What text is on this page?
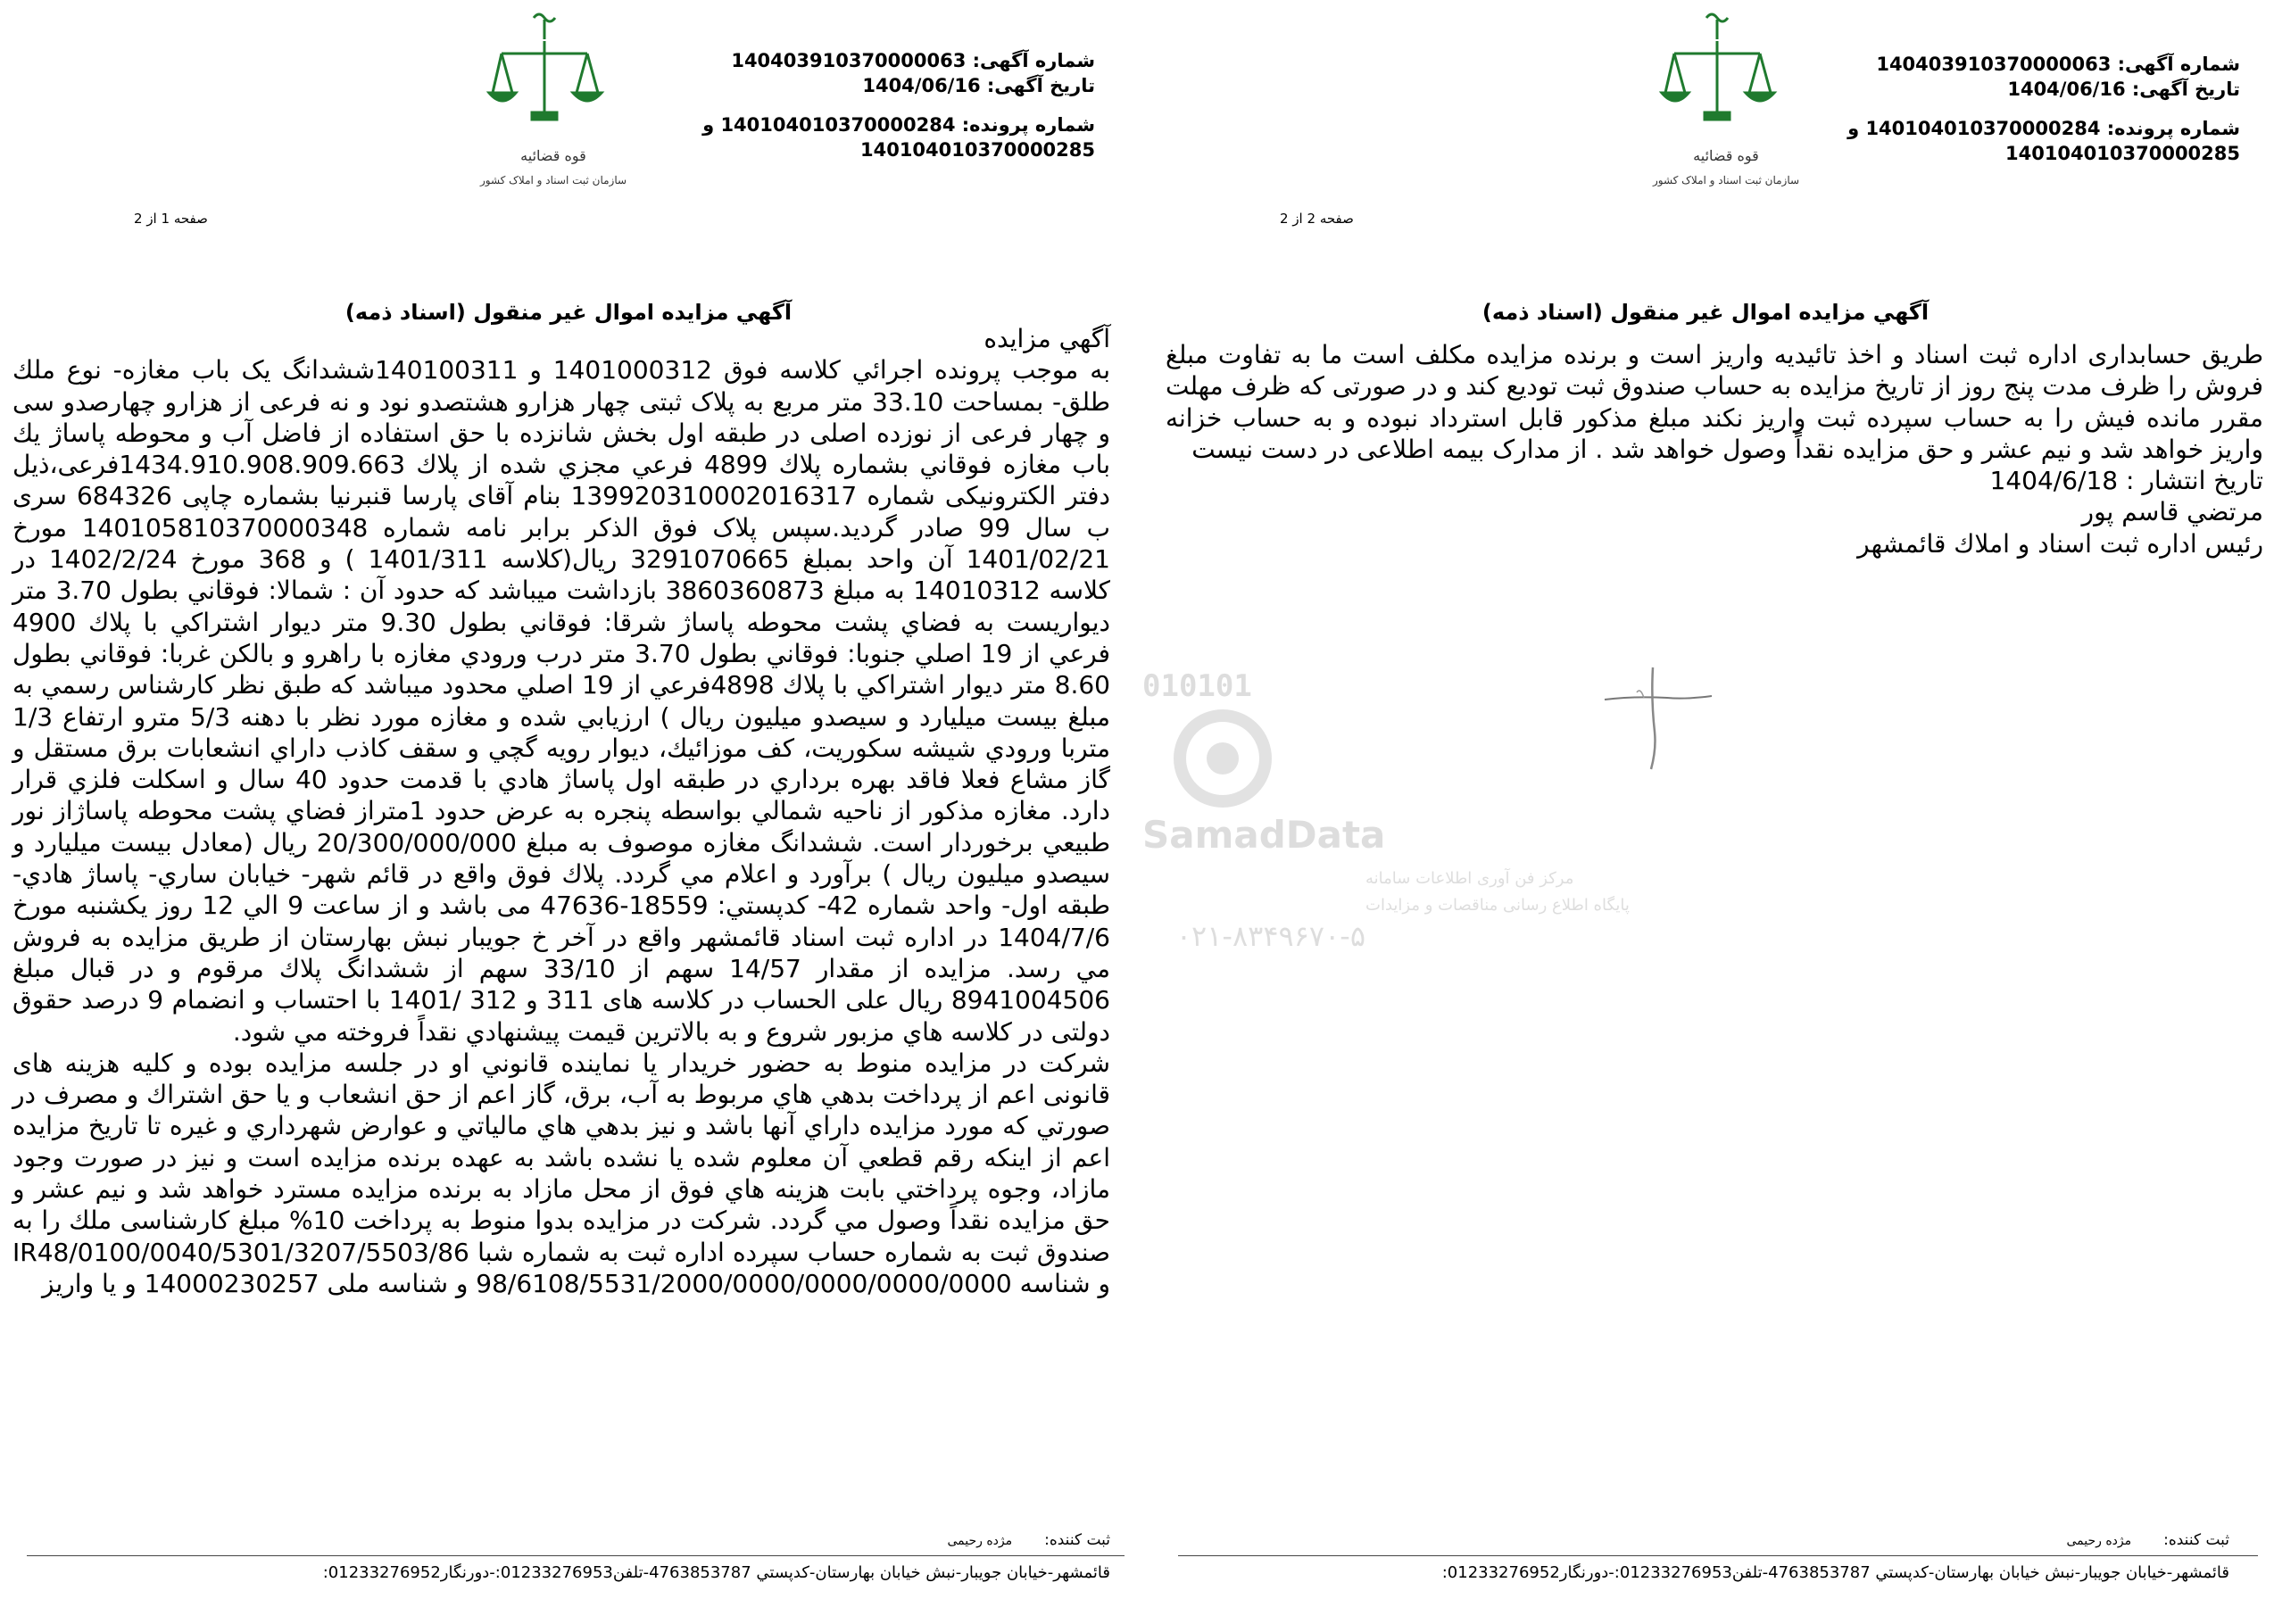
قوه قضائیه
سازمان ثبت اسناد و املاک کشور
شماره آگهی: 140403910370000063
تاریخ آگهی: 1404/06/16
شماره پرونده: 140104010370000284 و
140104010370000285
صفحه 1 از 2
آگهي مزايده اموال غير منقول (اسناد ذمه)

آگهي مزايده

به موجب پرونده اجرائي كلاسه فوق 1401000312 و 140100311ششدانگ یک باب مغازه- نوع ملك طلق- بمساحت 33.10 متر مربع به پلاک ثبتی چهار هزارو هشتصدو نود و نه فرعی از هزارو چهارصدو سی و چهار فرعی از نوزده اصلی در طبقه اول بخش شانزده با حق استفاده از فاضل آب و محوطه پاساژ يك باب مغازه فوقاني بشماره پلاك 4899 فرعي مجزي شده از پلاك 1434.910.908.909.663فرعی،ذیل دفتر الکترونیکی شماره 139920310002016317 بنام آقای پارسا قنبرنیا بشماره چاپی 684326 سری ب سال 99 صادر گردید.سپس پلاک فوق الذکر برابر نامه شماره 140105810370000348 مورخ 1401/02/21 آن واحد بمبلغ 3291070665 ريال(كلاسه 1401/311 ) و 368 مورخ 1402/2/24 در كلاسه 14010312 به مبلغ 3860360873 بازداشت ميباشد كه حدود آن : شمالا: فوقاني بطول 3.70 متر ديواريست به فضاي پشت محوطه پاساژ شرقا: فوقاني بطول 9.30 متر ديوار اشتراكي با پلاك 4900 فرعي از 19 اصلي جنوبا: فوقاني بطول 3.70 متر درب ورودي مغازه با راهرو و بالكن غربا: فوقاني بطول 8.60 متر ديوار اشتراكي با پلاك 4898فرعي از 19 اصلي محدود ميباشد كه طبق نظر كارشناس رسمي به مبلغ بيست ميليارد و سيصدو ميليون ريال ) ارزيابي شده و مغازه مورد نظر با دهنه 5/3 مترو ارتفاع 1/3 متربا ورودي شيشه سكوريت، كف موزائيك، ديوار رويه گچي و سقف كاذب داراي انشعابات برق مستقل و گاز مشاع فعلا فاقد بهره برداري در طبقه اول پاساژ هادي با قدمت حدود 40 سال و اسكلت فلزي قرار دارد. مغازه مذكور از ناحيه شمالي بواسطه پنجره به عرض حدود 1متراز فضاي پشت محوطه پاساژاز نور طبيعي برخوردار است. ششدانگ مغازه موصوف به مبلغ 20/300/000/000 ريال (معادل بيست ميليارد و سيصدو ميليون ريال ) برآورد و اعلام مي گردد. پلاك فوق واقع در قائم شهر- خيابان ساري- پاساژ هادي- طبقه اول- واحد شماره 42- كدپستي: 18559-47636 مى باشد و از ساعت 9 الي 12 روز يكشنبه مورخ 1404/7/6 در اداره ثبت اسناد قائمشهر واقع در آخر خ جويبار نبش بهارستان از طريق مزايده به فروش مي رسد. مزايده از مقدار 14/57 سهم از 33/10 سهم از ششدانگ پلاك مرقوم و در قبال مبلغ 8941004506 ريال على الحساب در كلاسه هاى 311 و 312 /1401 با احتساب و انضمام 9 درصد حقوق دولتی در كلاسه هاي مزبور شروع و به بالاترين قيمت پيشنهادي نقداً فروخته مي شود.

شركت در مزايده منوط به حضور خريدار يا نماينده قانوني او در جلسه مزايده بوده و كليه هزينه هاى قانونى اعم از پرداخت بدهي هاي مربوط به آب، برق، گاز اعم از حق انشعاب و يا حق اشتراك و مصرف در صورتي كه مورد مزايده داراي آنها باشد و نيز بدهي هاي مالياتي و عوارض شهرداري و غيره تا تاريخ مزايده اعم از اينكه رقم قطعي آن معلوم شده يا نشده باشد به عهده برنده مزايده است و نيز در صورت وجود مازاد، وجوه پرداختي بابت هزينه هاي فوق از محل مازاد به برنده مزايده مسترد خواهد شد و نيم عشر و حق مزايده نقداً وصول مي گردد. شركت در مزايده بدوا منوط به پرداخت 10% مبلغ كارشناسی ملك را به صندوق ثبت به شماره حساب سپرده اداره ثبت به شماره شبا IR48/0100/0040/5301/3207/5503/86 و شناسه 98/6108/5531/2000/0000/0000/0000/0000 و شناسه ملی 14000230257 و يا واريز

ثبت كننده:مژده رحیمی
قائمشهر-خیابان جویبار-نبش خیابان بهارستان-کدپستي 4763853787-تلفن01233276953:-دورنگار01233276952:
قوه قضائیه
سازمان ثبت اسناد و املاک کشور
شماره آگهی: 140403910370000063
تاریخ آگهی: 1404/06/16
شماره پرونده: 140104010370000284 و
140104010370000285
صفحه 2 از 2
آگهي مزايده اموال غير منقول (اسناد ذمه)

طريق حسابداری اداره ثبت اسناد و اخذ تائيديه واريز است و برنده مزايده مكلف است ما به تفاوت مبلغ فروش را ظرف مدت پنج روز از تاريخ مزايده به حساب صندوق ثبت توديع كند و در صورتی كه ظرف مهلت مقرر مانده فيش را به حساب سپرده ثبت واريز نكند مبلغ مذكور قابل استرداد نبوده و به حساب خزانه واريز خواهد شد و نيم عشر و حق مزايده نقداً وصول خواهد شد . از مدارک بیمه اطلاعی در دست نیست

تاريخ انتشار : 1404/6/18

مرتضي قاسم پور

رئيس اداره ثبت اسناد و املاك قائمشهر

ثبت كننده:مژده رحیمی
قائمشهر-خیابان جویبار-نبش خیابان بهارستان-کدپستي 4763853787-تلفن01233276953:-دورنگار01233276952:
010101
SamadData
مرکز فن آوری اطلاعات سامانه
پایگاه اطلاع رسانی مناقصات و مزایدات
۰۲۱-۸۳۴۹۶۷۰-۵
